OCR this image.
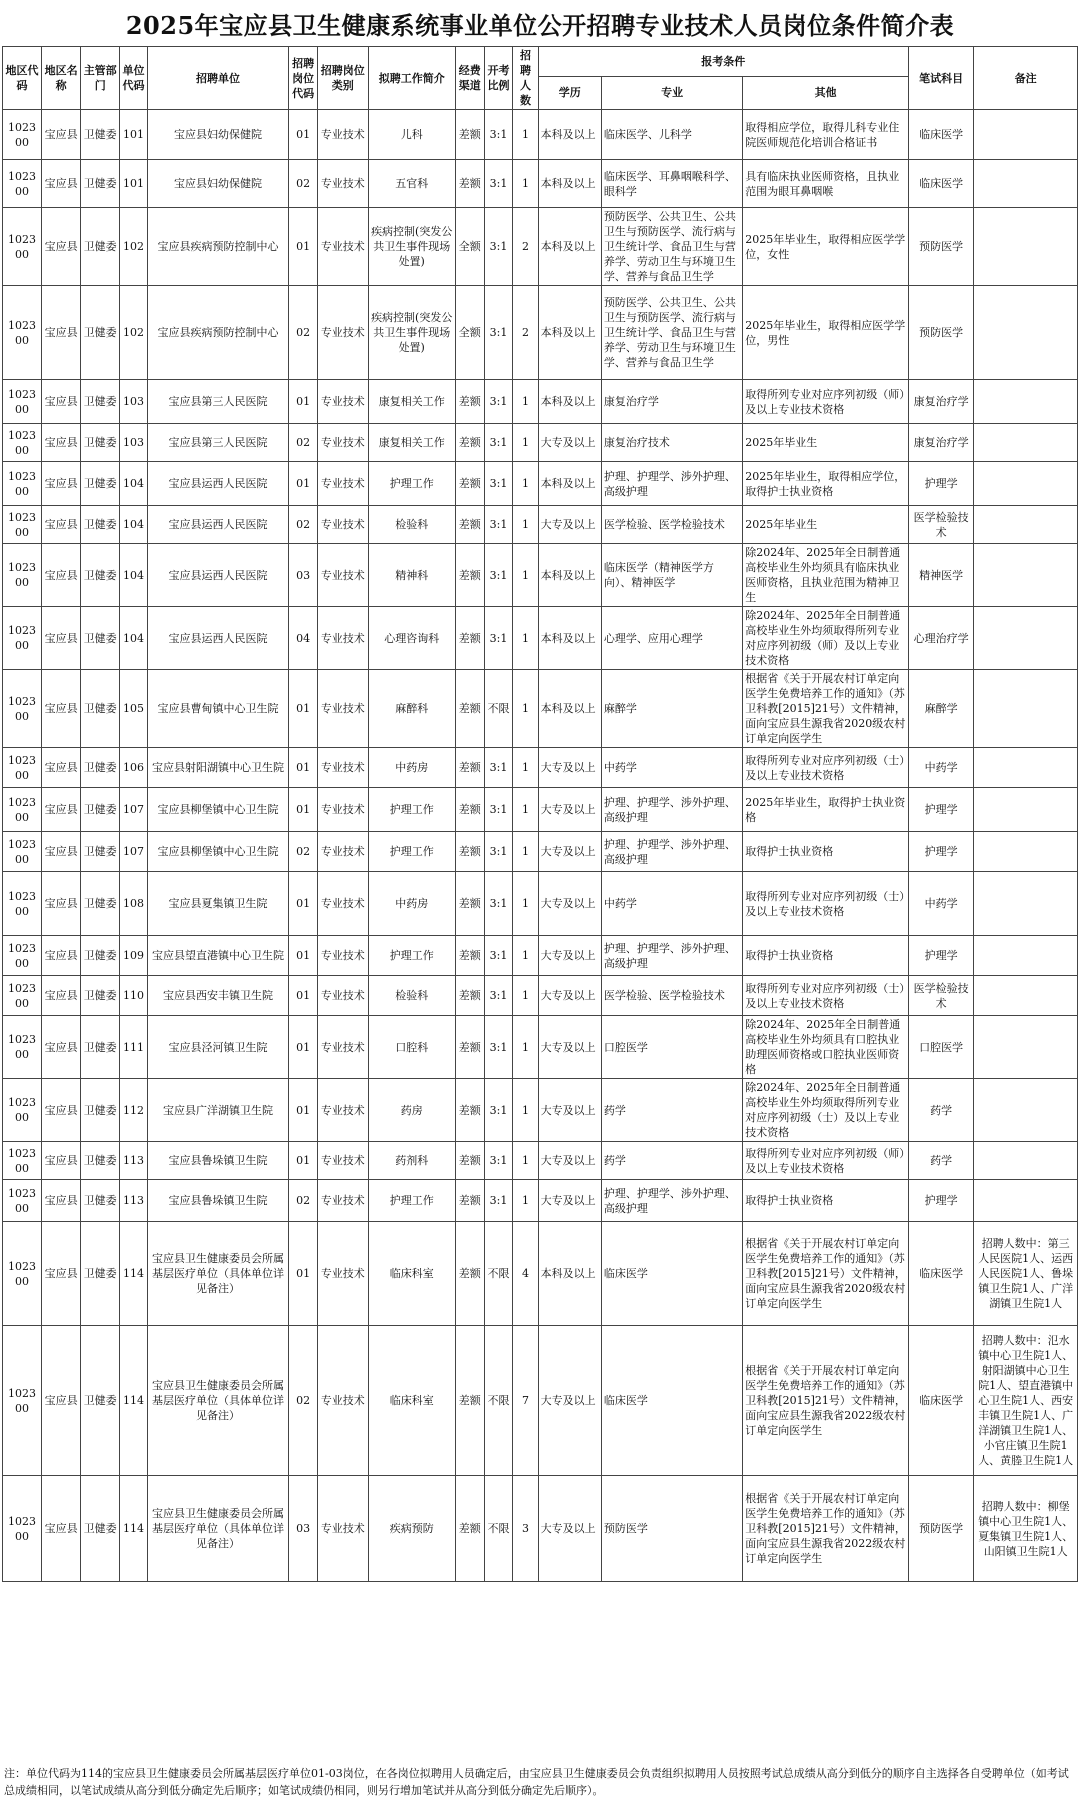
2025年宝应县卫生健康系统事业单位公开招聘专业技术人员岗位条件简介表
地区代码	地区名称	主管部门	单位代码	招聘单位	招聘岗位代码	招聘岗位类别	拟聘工作简介	经费渠道	开考比例	招聘人数	报考条件			笔试科目	备注
											学历	专业	其他		
102300	宝应县	卫健委	101	宝应县妇幼保健院	01	专业技术	儿科	差额	3:1	1	本科及以上	临床医学、儿科学	取得相应学位，取得儿科专业住院医师规范化培训合格证书	临床医学	
102300	宝应县	卫健委	101	宝应县妇幼保健院	02	专业技术	五官科	差额	3:1	1	本科及以上	临床医学、耳鼻咽喉科学、眼科学	具有临床执业医师资格，且执业范围为眼耳鼻咽喉	临床医学	
102300	宝应县	卫健委	102	宝应县疾病预防控制中心	01	专业技术	疾病控制(突发公共卫生事件现场处置)	全额	3:1	2	本科及以上	预防医学、公共卫生、公共卫生与预防医学、流行病与卫生统计学、食品卫生与营养学、劳动卫生与环境卫生学、营养与食品卫生学	2025年毕业生，取得相应医学学位，女性	预防医学	
102300	宝应县	卫健委	102	宝应县疾病预防控制中心	02	专业技术	疾病控制(突发公共卫生事件现场处置)	全额	3:1	2	本科及以上	预防医学、公共卫生、公共卫生与预防医学、流行病与卫生统计学、食品卫生与营养学、劳动卫生与环境卫生学、营养与食品卫生学	2025年毕业生，取得相应医学学位，男性	预防医学	
102300	宝应县	卫健委	103	宝应县第三人民医院	01	专业技术	康复相关工作	差额	3:1	1	本科及以上	康复治疗学	取得所列专业对应序列初级（师）及以上专业技术资格	康复治疗学	
102300	宝应县	卫健委	103	宝应县第三人民医院	02	专业技术	康复相关工作	差额	3:1	1	大专及以上	康复治疗技术	2025年毕业生	康复治疗学	
102300	宝应县	卫健委	104	宝应县运西人民医院	01	专业技术	护理工作	差额	3:1	1	本科及以上	护理、护理学、涉外护理、高级护理	2025年毕业生，取得相应学位，取得护士执业资格	护理学	
102300	宝应县	卫健委	104	宝应县运西人民医院	02	专业技术	检验科	差额	3:1	1	大专及以上	医学检验、医学检验技术	2025年毕业生	医学检验技术	
102300	宝应县	卫健委	104	宝应县运西人民医院	03	专业技术	精神科	差额	3:1	1	本科及以上	临床医学（精神医学方向）、精神医学	除2024年、2025年全日制普通高校毕业生外均须具有临床执业医师资格，且执业范围为精神卫生	精神医学	
102300	宝应县	卫健委	104	宝应县运西人民医院	04	专业技术	心理咨询科	差额	3:1	1	本科及以上	心理学、应用心理学	除2024年、2025年全日制普通高校毕业生外均须取得所列专业对应序列初级（师）及以上专业技术资格	心理治疗学	
102300	宝应县	卫健委	105	宝应县曹甸镇中心卫生院	01	专业技术	麻醉科	差额	不限	1	本科及以上	麻醉学	根据省《关于开展农村订单定向医学生免费培养工作的通知》（苏卫科教[2015]21号）文件精神，面向宝应县生源我省2020级农村订单定向医学生	麻醉学	
102300	宝应县	卫健委	106	宝应县射阳湖镇中心卫生院	01	专业技术	中药房	差额	3:1	1	大专及以上	中药学	取得所列专业对应序列初级（士）及以上专业技术资格	中药学	
102300	宝应县	卫健委	107	宝应县柳堡镇中心卫生院	01	专业技术	护理工作	差额	3:1	1	大专及以上	护理、护理学、涉外护理、高级护理	2025年毕业生，取得护士执业资格	护理学	
102300	宝应县	卫健委	107	宝应县柳堡镇中心卫生院	02	专业技术	护理工作	差额	3:1	1	大专及以上	护理、护理学、涉外护理、高级护理	取得护士执业资格	护理学	
102300	宝应县	卫健委	108	宝应县夏集镇卫生院	01	专业技术	中药房	差额	3:1	1	大专及以上	中药学	取得所列专业对应序列初级（士）及以上专业技术资格	中药学	
102300	宝应县	卫健委	109	宝应县望直港镇中心卫生院	01	专业技术	护理工作	差额	3:1	1	大专及以上	护理、护理学、涉外护理、高级护理	取得护士执业资格	护理学	
102300	宝应县	卫健委	110	宝应县西安丰镇卫生院	01	专业技术	检验科	差额	3:1	1	大专及以上	医学检验、医学检验技术	取得所列专业对应序列初级（士）及以上专业技术资格	医学检验技术	
102300	宝应县	卫健委	111	宝应县泾河镇卫生院	01	专业技术	口腔科	差额	3:1	1	大专及以上	口腔医学	除2024年、2025年全日制普通高校毕业生外均须具有口腔执业助理医师资格或口腔执业医师资格	口腔医学	
102300	宝应县	卫健委	112	宝应县广洋湖镇卫生院	01	专业技术	药房	差额	3:1	1	大专及以上	药学	除2024年、2025年全日制普通高校毕业生外均须取得所列专业对应序列初级（士）及以上专业技术资格	药学	
102300	宝应县	卫健委	113	宝应县鲁垛镇卫生院	01	专业技术	药剂科	差额	3:1	1	大专及以上	药学	取得所列专业对应序列初级（师）及以上专业技术资格	药学	
102300	宝应县	卫健委	113	宝应县鲁垛镇卫生院	02	专业技术	护理工作	差额	3:1	1	大专及以上	护理、护理学、涉外护理、高级护理	取得护士执业资格	护理学	
102300	宝应县	卫健委	114	宝应县卫生健康委员会所属基层医疗单位（具体单位详见备注）	01	专业技术	临床科室	差额	不限	4	本科及以上	临床医学	根据省《关于开展农村订单定向医学生免费培养工作的通知》（苏卫科教[2015]21号）文件精神，面向宝应县生源我省2020级农村订单定向医学生	临床医学	招聘人数中：第三人民医院1人、运西人民医院1人、鲁垛镇卫生院1人、广洋湖镇卫生院1人
102300	宝应县	卫健委	114	宝应县卫生健康委员会所属基层医疗单位（具体单位详见备注）	02	专业技术	临床科室	差额	不限	7	大专及以上	临床医学	根据省《关于开展农村订单定向医学生免费培养工作的通知》（苏卫科教[2015]21号）文件精神，面向宝应县生源我省2022级农村订单定向医学生	临床医学	招聘人数中：氾水镇中心卫生院1人、射阳湖镇中心卫生院1人、望直港镇中心卫生院1人、西安丰镇卫生院1人、广洋湖镇卫生院1人、小官庄镇卫生院1人、黄塍卫生院1人
102300	宝应县	卫健委	114	宝应县卫生健康委员会所属基层医疗单位（具体单位详见备注）	03	专业技术	疾病预防	差额	不限	3	大专及以上	预防医学	根据省《关于开展农村订单定向医学生免费培养工作的通知》（苏卫科教[2015]21号）文件精神，面向宝应县生源我省2022级农村订单定向医学生	预防医学	招聘人数中：柳堡镇中心卫生院1人、夏集镇卫生院1人、山阳镇卫生院1人
注：单位代码为114的宝应县卫生健康委员会所属基层医疗单位01-03岗位，在各岗位拟聘用人员确定后，由宝应县卫生健康委员会负责组织拟聘用人员按照考试总成绩从高分到低分的顺序自主选择各自受聘单位（如考试总成绩相同，以笔试成绩从高分到低分确定先后顺序；如笔试成绩仍相同，则另行增加笔试并从高分到低分确定先后顺序）。
